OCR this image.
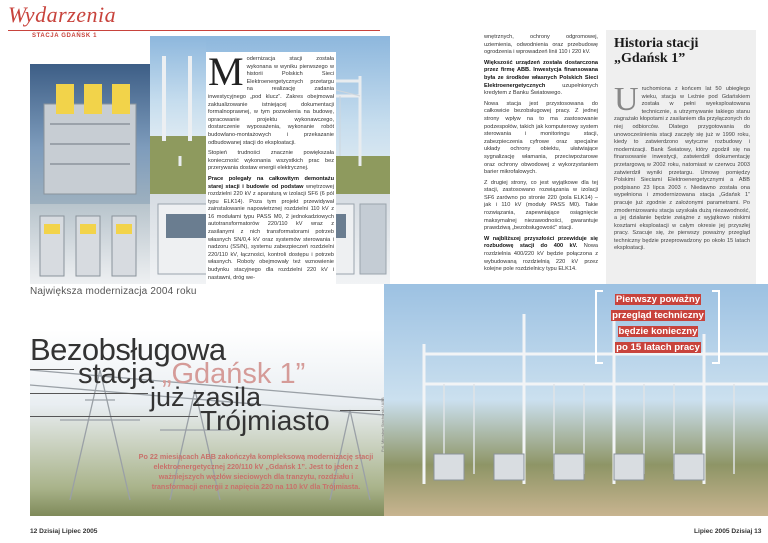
Wydarzenia
STACJA GDAŃSK 1

Modernizacja stacji została wykonana w wyniku pierwszego w historii Polskich Sieci Elektroenergetycznych przetargu na realizację zadania inwestycyjnego „pod klucz”. Zakres obejmował zaktualizowanie istniejącej dokumentacji formalnoprawnej, w tym pozwolenia na budowę, opracowanie projektu wykonawczego, dostarczenie wyposażenia, wykonanie robót budowlano-montażowych i przekazanie odbudowanej stacji do eksploatacji.

Stopień trudności znacznie powiększała konieczność wykonania wszystkich prac bez przerywania dostaw energii elektrycznej.

Prace polegały na całkowitym demontażu starej stacji i budowie od podstaw wnętrzowej rozdzielni 220 kV z aparaturą w izolacji SF6 (6 pól typu ELK14). Poza tym projekt przewidywał zainstalowanie napowietrznej rozdzielni 110 kV z 16 modułami typu PASS M0, 2 jednokadziowych autotransformatorów 220/110 kV wraz z zasilanymi z nich transformatorami potrzeb własnych SN/0,4 kV oraz systemów sterowania i nadzoru (SS/N), systemu zabezpieczeń rozdzielni 220/110 kV, łączności, kontroli dostępu i potrzeb własnych. Roboty obejmowały też wznowienie budynku stacyjnego dla rozdzielni 220 kV i nastawni, dróg we-

wnętrznych, ochrony odgromowej, uziemienia, odwodnienia oraz przebudowę ogrodzenia i wprowadzeń linii 110 i 220 kV.

Większość urządzeń została dostarczona przez firmę ABB. Inwestycja finansowana była ze środków własnych Polskich Sieci Elektroenergetycznych uzupełnionych kredytem z Banku Światowego.

Nowa stacja jest przystosowana do całkowicie bezobsługowej pracy. Z jednej strony wpływ na to ma zastosowanie podzespołów, takich jak komputerowy system sterowania i monitoringu stacji, zabezpieczenia cyfrowe oraz specjalne układy ochrony obiektu, ułatwiające sygnalizację włamania, przeciwpożarowe oraz ochrony obwodowej z wykorzystaniem barier mikrofalowych.

Z drugiej strony, co jest wyjątkowe dla tej stacji, zastosowano rozwiązania w izolacji SF6 zarówno po stronie 220 (pola ELK14) – jak i 110 kV (moduły PASS M0). Takie rozwiązania, zapewniające osiągnięcie maksymalnej niezawodności, gwarantuje prawdziwą „bezobsługowość” stacji.

W najbliższej przyszłości przewiduje się rozbudowę stacji do 400 kV. Nowa rozdzielnia 400/220 kV będzie połączona z wybudowaną rozdzielnią 220 kV przez kolejne pole rozdzielnicy typu ELK14.

Historia stacji „Gdańsk 1”
Uruchomiona z końcem lat 50 ubiegłego wieku, stacja w Leźnie pod Gdańskiem została w pełni wyeksploatowana technicznie, a utrzymywanie takiego stanu zagrażało kłopotami z zasilaniem dla przyłączonych do niej odbiorców. Dlatego przygotowania do unowocześnienia stacji zaczęły się już w 1990 roku, kiedy to zatwierdzono wytyczne rozbudowy i modernizacji. Bank Światowy, który zgodził się na finansowanie inwestycji, zatwierdził dokumentację przetargową w 2002 roku, natomiast w czerwcu 2003 zatwierdził wyniki przetargu. Umowę pomiędzy Polskimi Sieciami Elektroenergetycznymi a ABB podpisano 23 lipca 2003 r. Niedawno została ona wypełniona i zmodernizowana stacja „Gdańsk 1” pracuje już zgodnie z założonymi parametrami. Po zmodernizowaniu stacja uzyskała dużą niezawodność, a jej działanie będzie zwiążne z wyjątkowo niskimi kosztami eksploatacji w całym okresie jej przyszłej pracy. Szacuje się, że pierwszy poważny przegląd techniczny będzie przeprowadzony po około 15 latach eksploatacji.
Największa modernizacja 2004 roku
Bezobsługowa
stacja „Gdańsk 1”
już zasila
Trójmiasto
Po 22 miesiącach ABB zakończyła kompleksową modernizację stacji elektroenergetycznej 220/110 kV „Gdańsk 1”. Jest to jeden z ważniejszych węzłów sieciowych dla tranzytu, rozdziału i transformacji energii z napięcia 220 na 110 kV dla Trójmiasta.
Fot. Mirosław Stachurski / ABB
Pierwszy poważny
przegląd techniczny
będzie konieczny
po 15 latach pracy
12 Dzisiaj Lipiec 2005	Lipiec 2005 Dzisiaj 13
